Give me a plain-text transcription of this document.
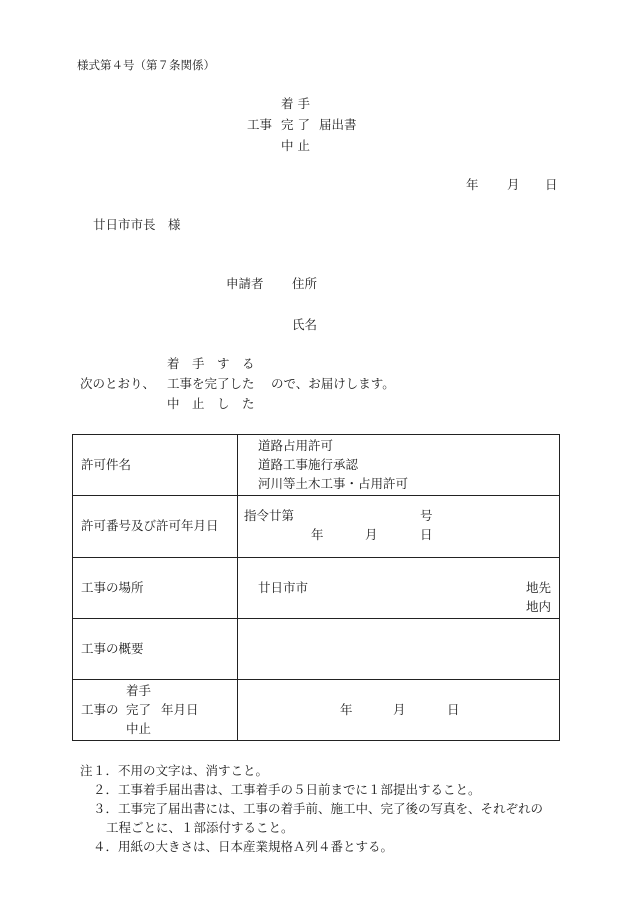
様式第４号（第７条関係）
着 手
工事 完 了 届出書
中 止
年 月 日
廿日市市長　様
申請者 住所
氏名
着　手　す　る
次のとおり、 工事を完了した ので、お届けします。
中　止　し　た
許可件名	道路占用許可
道路工事施行承認
河川等土木工事・占用許可

許可番号及び許可年月日	指令廿第 号
年 月 日

工事の場所	廿日市市 地先
地内

工事の概要	

着手
工事の 完了 年月日
中止	年 月 日
注 １．不用の文字は、消すこと。
２．工事着手届出書は、工事着手の５日前までに１部提出すること。
３．工事完了届出書には、工事の着手前、施工中、完了後の写真を、それぞれの
工程ごとに、１部添付すること。
４．用紙の大きさは、日本産業規格Ａ列４番とする。
